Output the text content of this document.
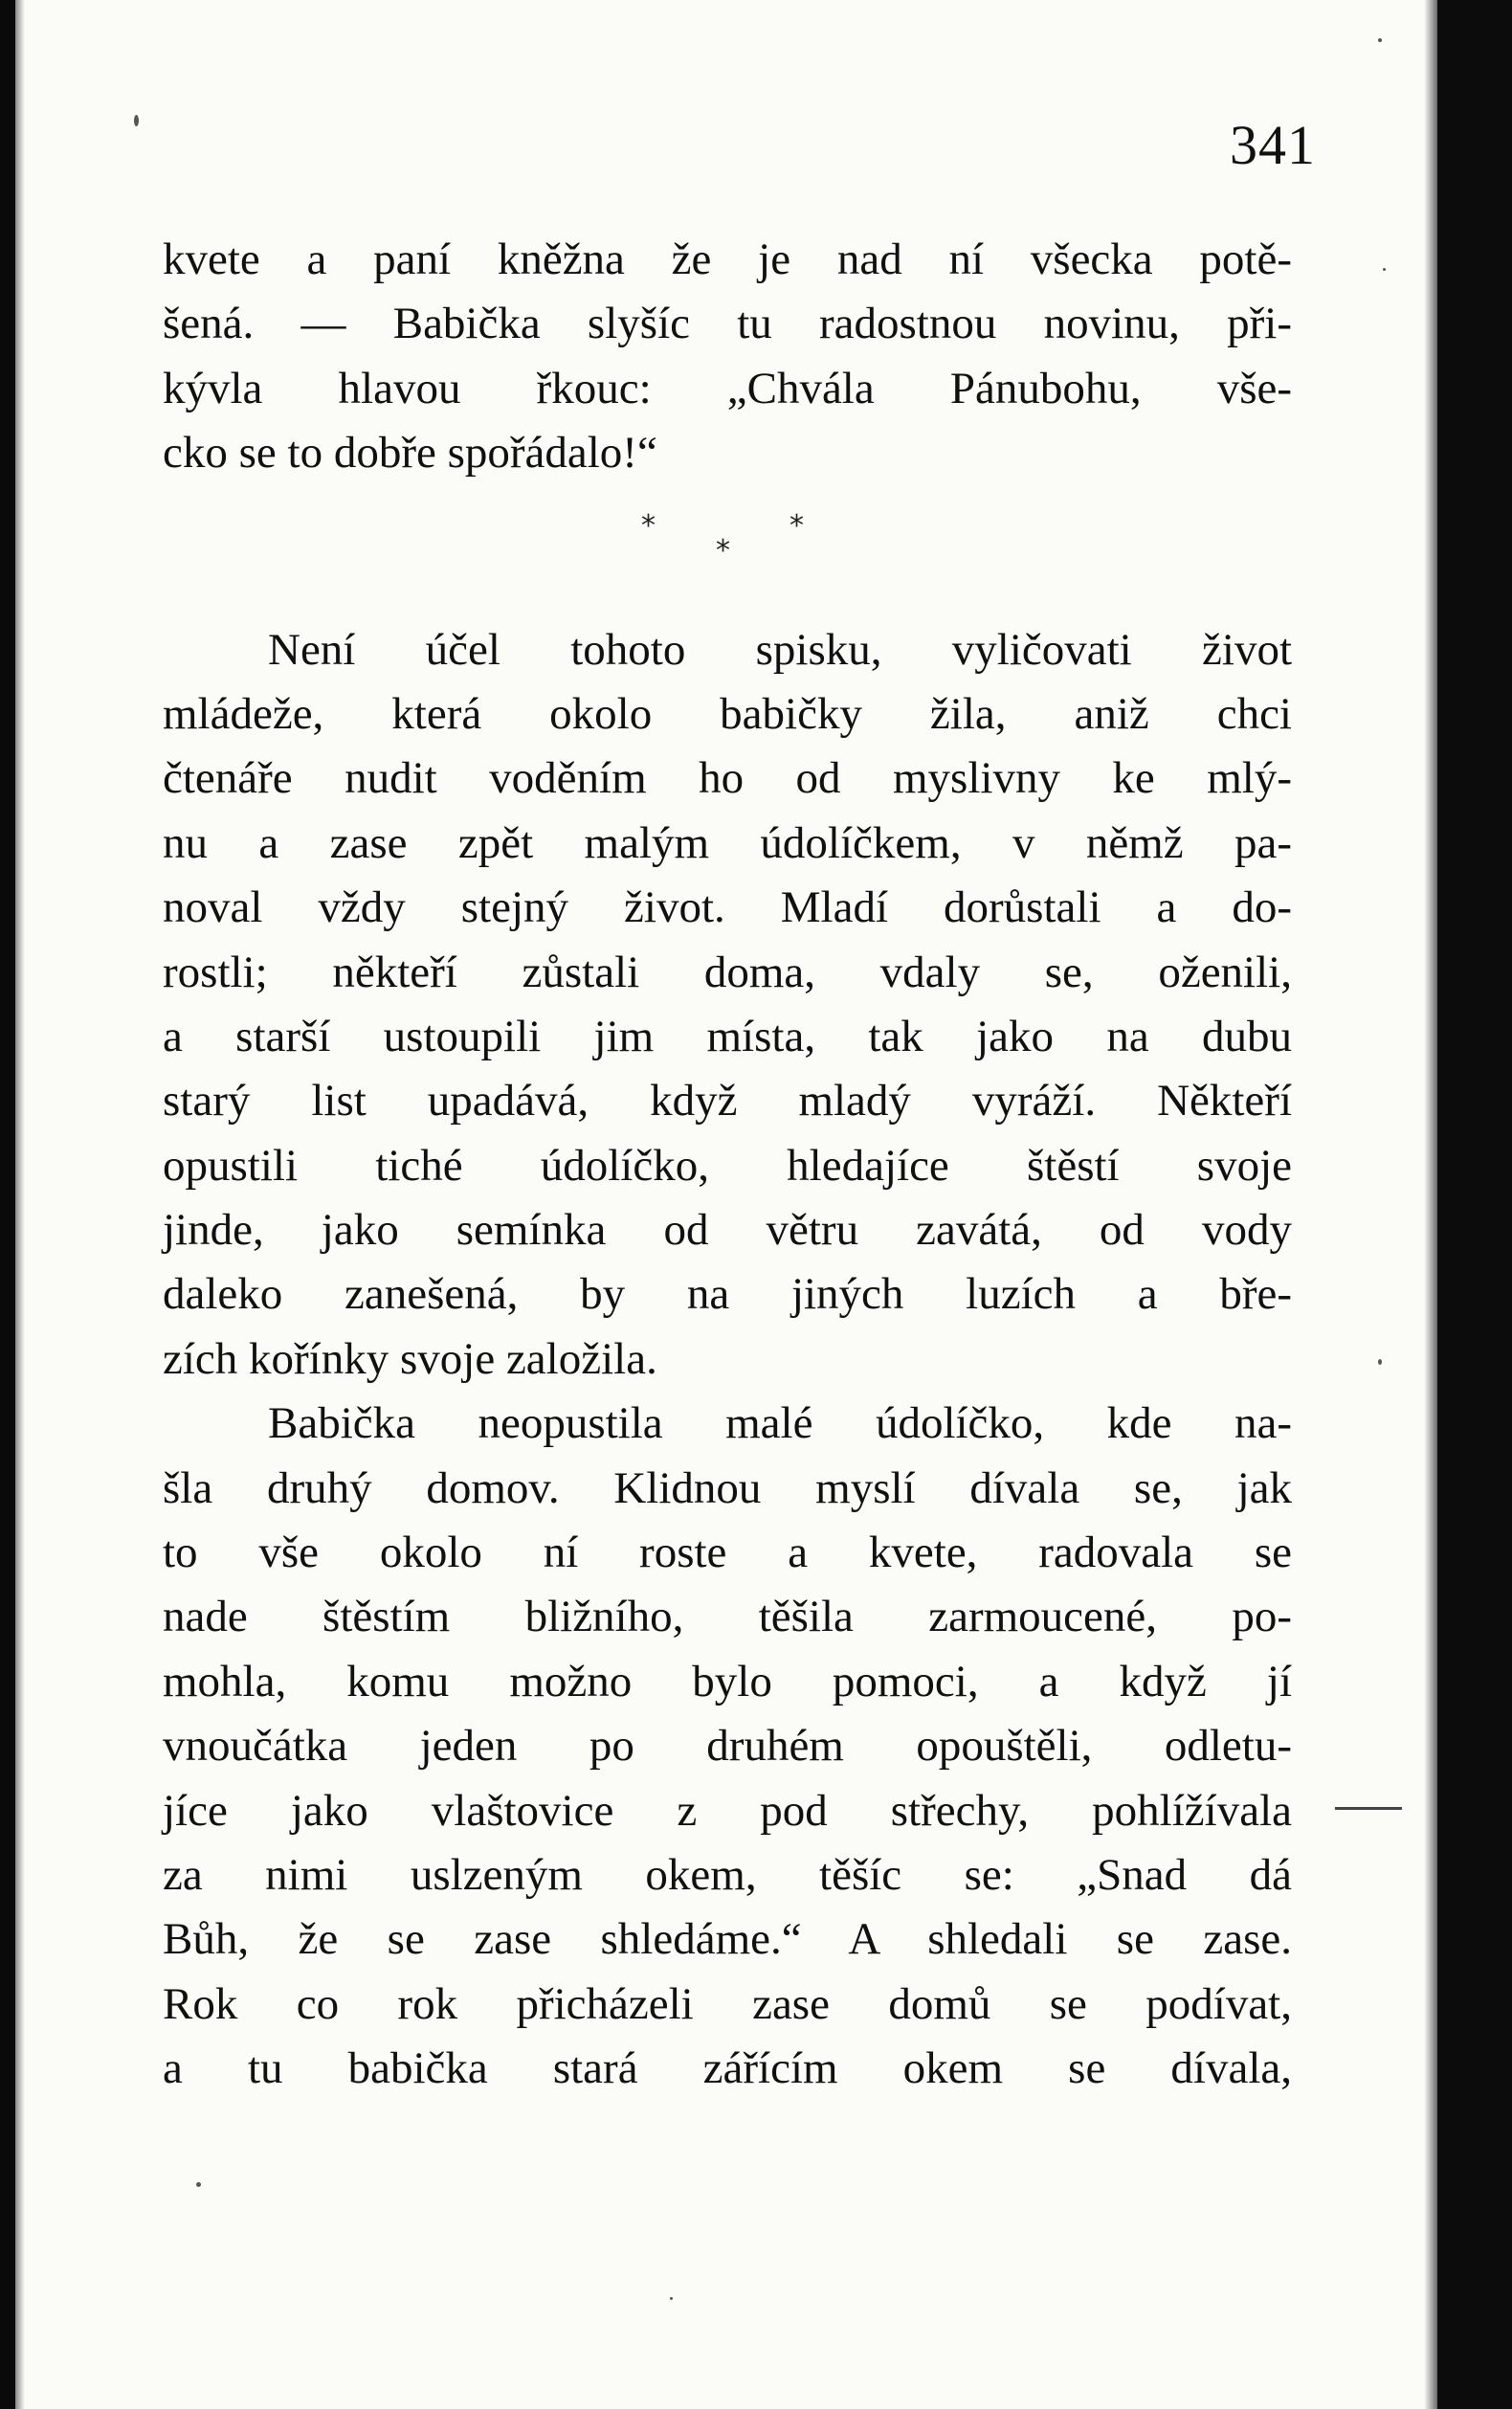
341
kvete a paní kněžna že je nad ní všecka potě-
šená. — Babička slyšíc tu radostnou novinu, při-
kývla hlavou řkouc: „Chvála Pánubohu, vše-
cko se to dobře spořádalo!“
*
*
*
Není účel tohoto spisku, vyličovati život
mládeže, která okolo babičky žila, aniž chci
čtenáře nudit voděním ho od myslivny ke mlý-
nu a zase zpět malým údolíčkem, v němž pa-
noval vždy stejný život. Mladí dorůstali a do-
rostli; někteří zůstali doma, vdaly se, oženili,
a starší ustoupili jim místa, tak jako na dubu
starý list upadává, když mladý vyráží. Někteří
opustili tiché údolíčko, hledajíce štěstí svoje
jinde, jako semínka od větru zavátá, od vody
daleko zanešená, by na jiných luzích a bře-
zích kořínky svoje založila.
Babička neopustila malé údolíčko, kde na-
šla druhý domov. Klidnou myslí dívala se, jak
to vše okolo ní roste a kvete, radovala se
nade štěstím bližního, těšila zarmoucené, po-
mohla, komu možno bylo pomoci, a když jí
vnoučátka jeden po druhém opouštěli, odletu-
jíce jako vlaštovice z pod střechy, pohlížívala
za nimi uslzeným okem, těšíc se: „Snad dá
Bůh, že se zase shledáme.“ A shledali se zase.
Rok co rok přicházeli zase domů se podívat,
a tu babička stará zářícím okem se dívala,
